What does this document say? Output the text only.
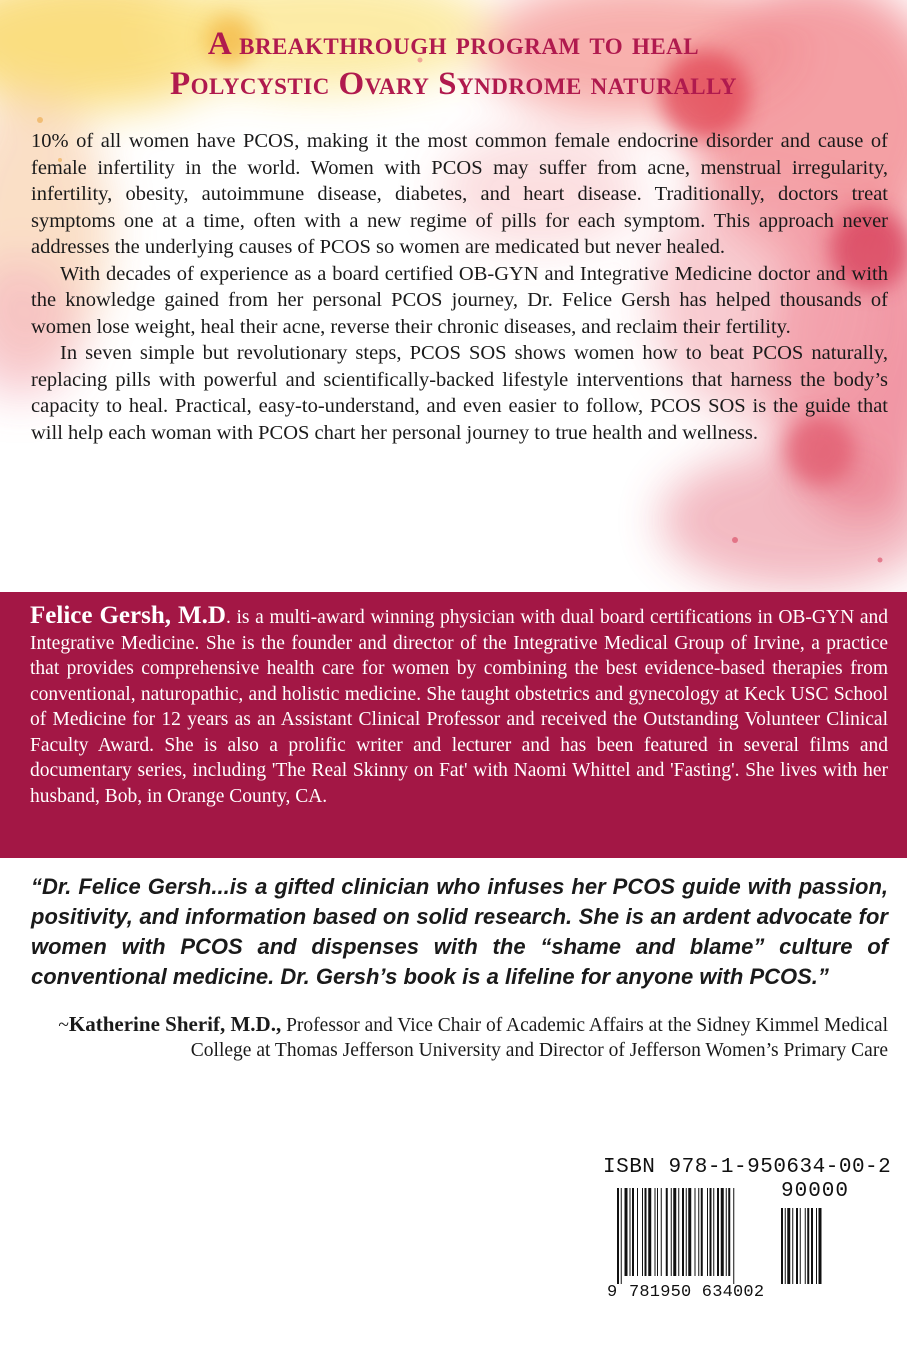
A breakthrough program to heal
Polycystic Ovary Syndrome naturally

10% of all women have PCOS, making it the most common female endocrine disorder and cause of female infertility in the world. Women with PCOS may suffer from acne, menstrual irregularity, infertility, obesity, autoimmune disease, diabetes, and heart disease. Traditionally, doctors treat symptoms one at a time, often with a new regime of pills for each symptom. This approach never addresses the underlying causes of PCOS so women are medicated but never healed.

With decades of experience as a board certified OB-GYN and Integrative Medicine doctor and with the knowledge gained from her personal PCOS journey, Dr. Felice Gersh has helped thousands of women lose weight, heal their acne, reverse their chronic diseases, and reclaim their fertility.

In seven simple but revolutionary steps, PCOS SOS shows women how to beat PCOS naturally, replacing pills with powerful and scientifically-backed lifestyle interventions that harness the body’s capacity to heal. Practical, easy-to-understand, and even easier to follow, PCOS SOS is the guide that will help each woman with PCOS chart her personal journey to true health and wellness.

Felice Gersh, M.D. is a multi-award winning physician with dual board certifications in OB-GYN and Integrative Medicine. She is the founder and director of the Integrative Medical Group of Irvine, a practice that provides comprehensive health care for women by combining the best evidence-based therapies from conventional, naturopathic, and holistic medicine. She taught obstetrics and gynecology at Keck USC School of Medicine for 12 years as an Assistant Clinical Professor and received the Outstanding Volunteer Clinical Faculty Award. She is also a prolific writer and lecturer and has been featured in several films and documentary series, including 'The Real Skinny on Fat' with Naomi Whittel and 'Fasting'. She lives with her husband, Bob, in Orange County, CA.

“Dr. Felice Gersh...is a gifted clinician who infuses her PCOS guide with passion, positivity, and information based on solid research. She is an ardent advocate for women with PCOS and dispenses with the “shame and blame” culture of conventional medicine. Dr. Gersh’s book is a lifeline for anyone with PCOS.”

~Katherine Sherif, M.D., Professor and Vice Chair of Academic Affairs at the Sidney Kimmel Medical College at Thomas Jefferson University and Director of Jefferson Women’s Primary Care

ISBN 978-1-950634-00-2
90000
9 781950 634002
